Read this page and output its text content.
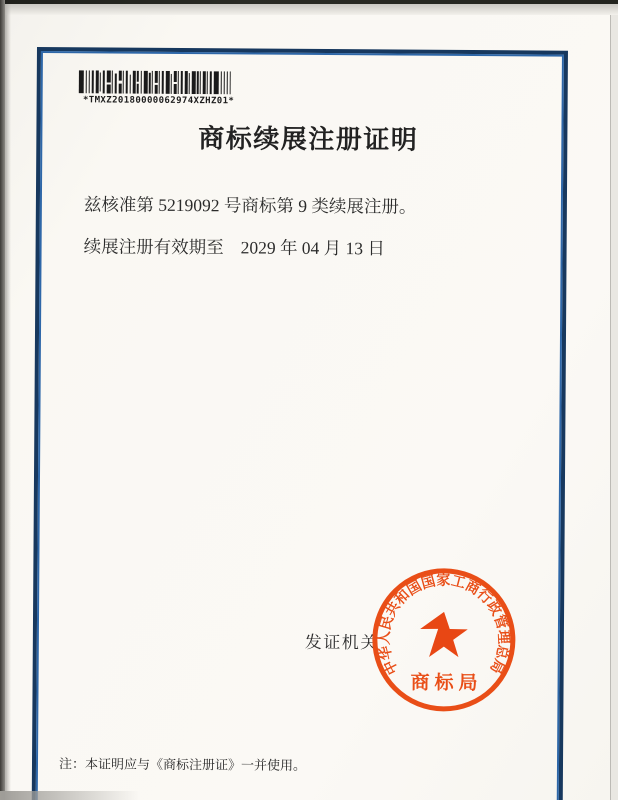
*TMXZ20180000062974XZHZ01*
商标续展注册证明
兹核准第 5219092 号商标第 9 类续展注册。
续展注册有效期至 2029 年 04 月 13 日
发证机关
中华人民共和国国家工商行政管理总局
商标局
注：本证明应与《商标注册证》一并使用。
